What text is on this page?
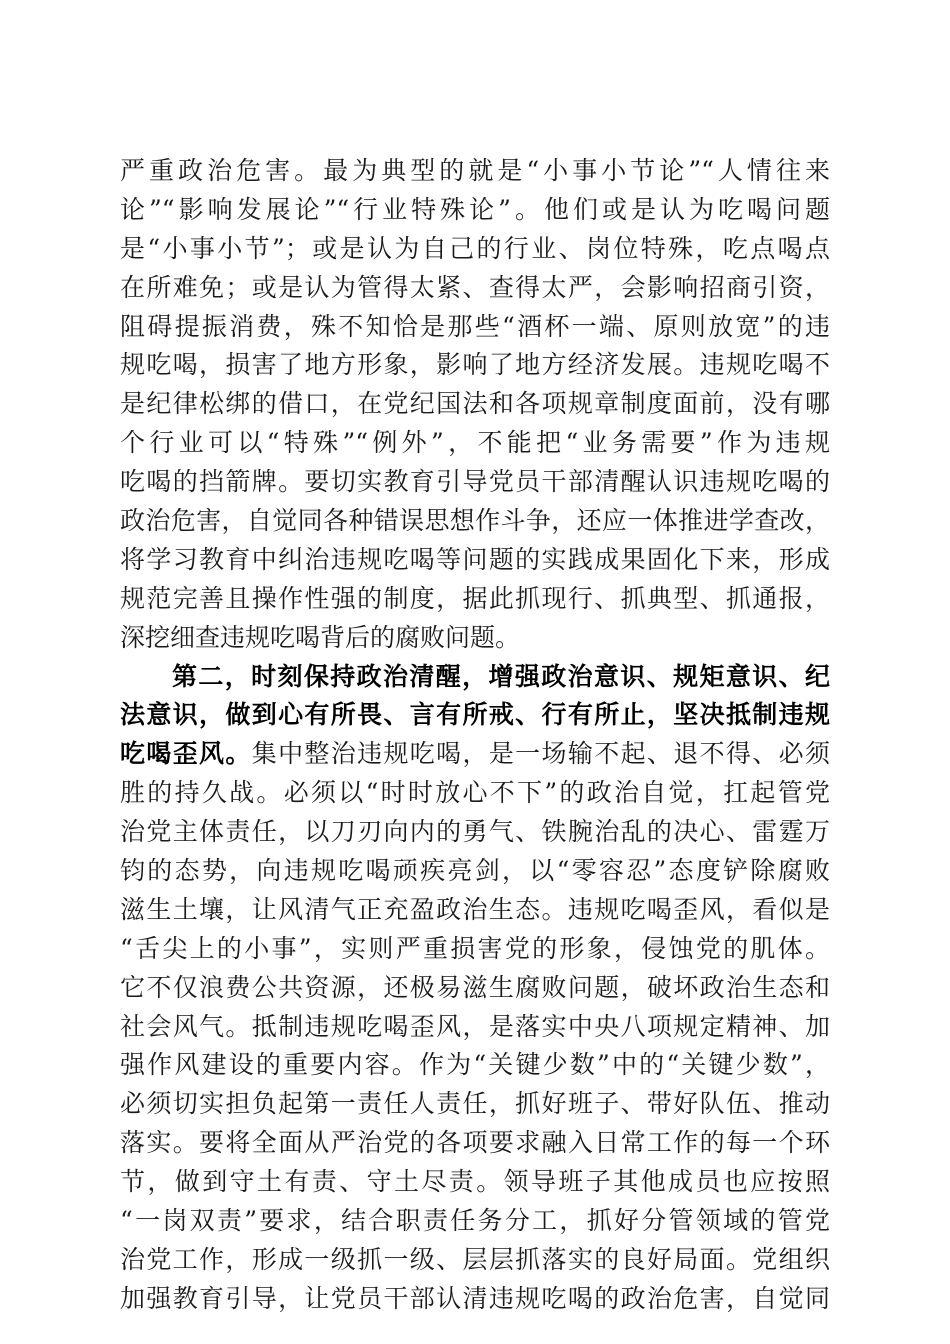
严重政治危害。最为典型的就是“小事小节论”“人情往来
论”“影响发展论”“行业特殊论”。他们或是认为吃喝问题
是“小事小节”；或是认为自己的行业、岗位特殊，吃点喝点
在所难免；或是认为管得太紧、查得太严，会影响招商引资，
阻碍提振消费，殊不知恰是那些“酒杯一端、原则放宽”的违
规吃喝，损害了地方形象，影响了地方经济发展。违规吃喝不
是纪律松绑的借口，在党纪国法和各项规章制度面前，没有哪
个行业可以“特殊”“例外”，不能把“业务需要”作为违规
吃喝的挡箭牌。要切实教育引导党员干部清醒认识违规吃喝的
政治危害，自觉同各种错误思想作斗争，还应一体推进学查改，
将学习教育中纠治违规吃喝等问题的实践成果固化下来，形成
规范完善且操作性强的制度，据此抓现行、抓典型、抓通报，
深挖细查违规吃喝背后的腐败问题。
第二，时刻保持政治清醒，增强政治意识、规矩意识、纪
法意识，做到心有所畏、言有所戒、行有所止，坚决抵制违规
吃喝歪风。集中整治违规吃喝，是一场输不起、退不得、必须
胜的持久战。必须以“时时放心不下”的政治自觉，扛起管党
治党主体责任，以刀刃向内的勇气、铁腕治乱的决心、雷霆万
钧的态势，向违规吃喝顽疾亮剑，以“零容忍”态度铲除腐败
滋生土壤，让风清气正充盈政治生态。违规吃喝歪风，看似是
“舌尖上的小事”，实则严重损害党的形象，侵蚀党的肌体。
它不仅浪费公共资源，还极易滋生腐败问题，破坏政治生态和
社会风气。抵制违规吃喝歪风，是落实中央八项规定精神、加
强作风建设的重要内容。作为“关键少数”中的“关键少数”，
必须切实担负起第一责任人责任，抓好班子、带好队伍、推动
落实。要将全面从严治党的各项要求融入日常工作的每一个环
节，做到守土有责、守土尽责。领导班子其他成员也应按照
“一岗双责”要求，结合职责任务分工，抓好分管领域的管党
治党工作，形成一级抓一级、层层抓落实的良好局面。党组织
加强教育引导，让党员干部认清违规吃喝的政治危害，自觉同
